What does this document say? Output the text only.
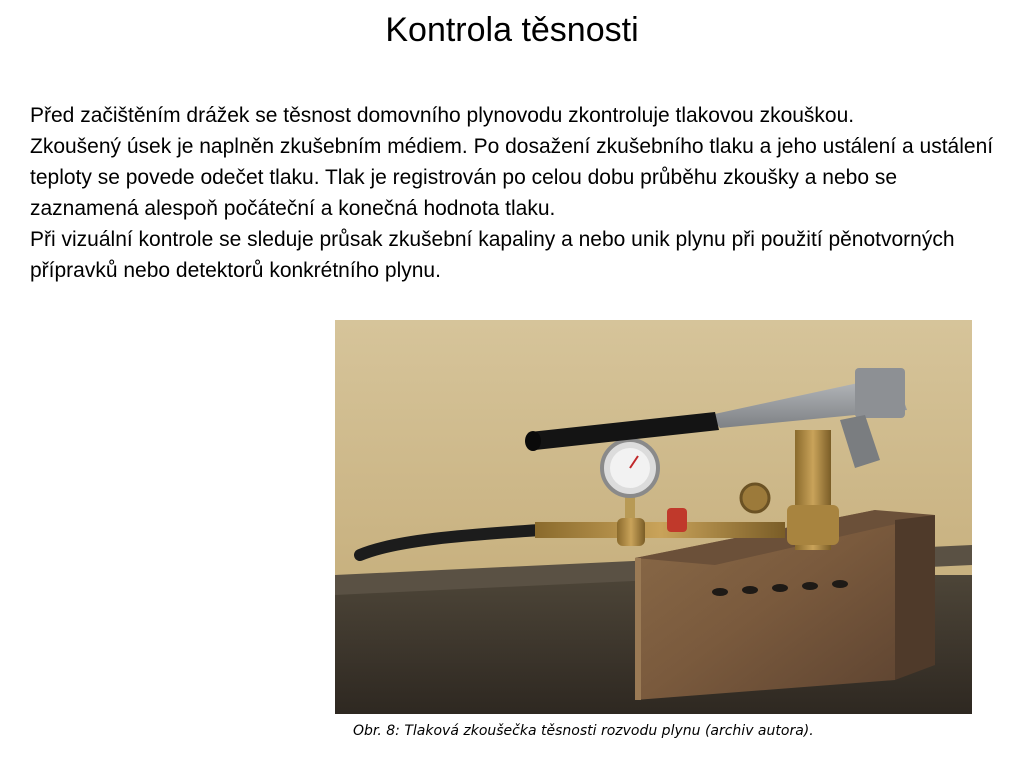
Kontrola těsnosti

Před začištěním drážek se těsnost domovního plynovodu zkontroluje tlakovou zkouškou.

Zkoušený úsek je naplněn zkušebním médiem. Po dosažení zkušebního tlaku a jeho ustálení a ustálení teploty se povede odečet tlaku. Tlak je registrován po celou dobu průběhu zkoušky a nebo se zaznamená alespoň počáteční a konečná hodnota tlaku.

Při vizuální kontrole se sleduje průsak zkušební kapaliny a nebo unik plynu při použití pěnotvorných přípravků nebo detektorů konkrétního plynu.

Obr. 8: Tlaková zkoušečka těsnosti rozvodu plynu (archiv autora).
